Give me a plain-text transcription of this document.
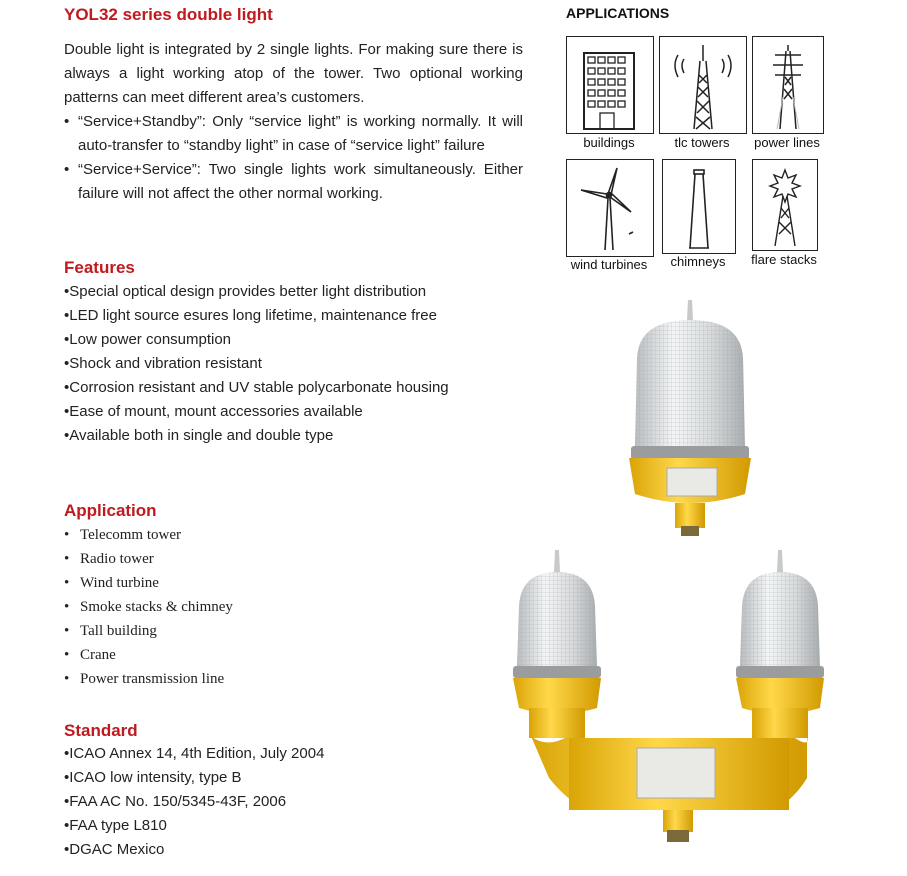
YOL32 series double light

Double light is integrated by 2 single lights. For making sure there is always a light working atop of the tower. Two optional working patterns can meet different area’s customers.

• “Service+Standby”: Only “service light” is working normally. It will auto-transfer to “standby light” in case of “service light” failure
• “Service+Service”: Two single lights work simultaneously. Either failure will not affect the other normal working.
Features
• Special optical design provides better light distribution
• LED light source esures long lifetime, maintenance free
• Low power consumption
• Shock and vibration resistant
• Corrosion resistant and UV stable polycarbonate housing
• Ease of mount, mount accessories available
• Available both in single and double type
Application
• Telecomm tower
• Radio tower
• Wind turbine
• Smoke stacks & chimney
• Tall building
• Crane
• Power transmission line
Standard
• ICAO Annex 14, 4th Edition, July 2004
• ICAO low intensity, type B
• FAA AC No. 150/5345-43F, 2006
• FAA type L810
• DGAC Mexico
APPLICATIONS
buildings	tlc towers	power lines
wind turbines	chimneys	flare stacks
